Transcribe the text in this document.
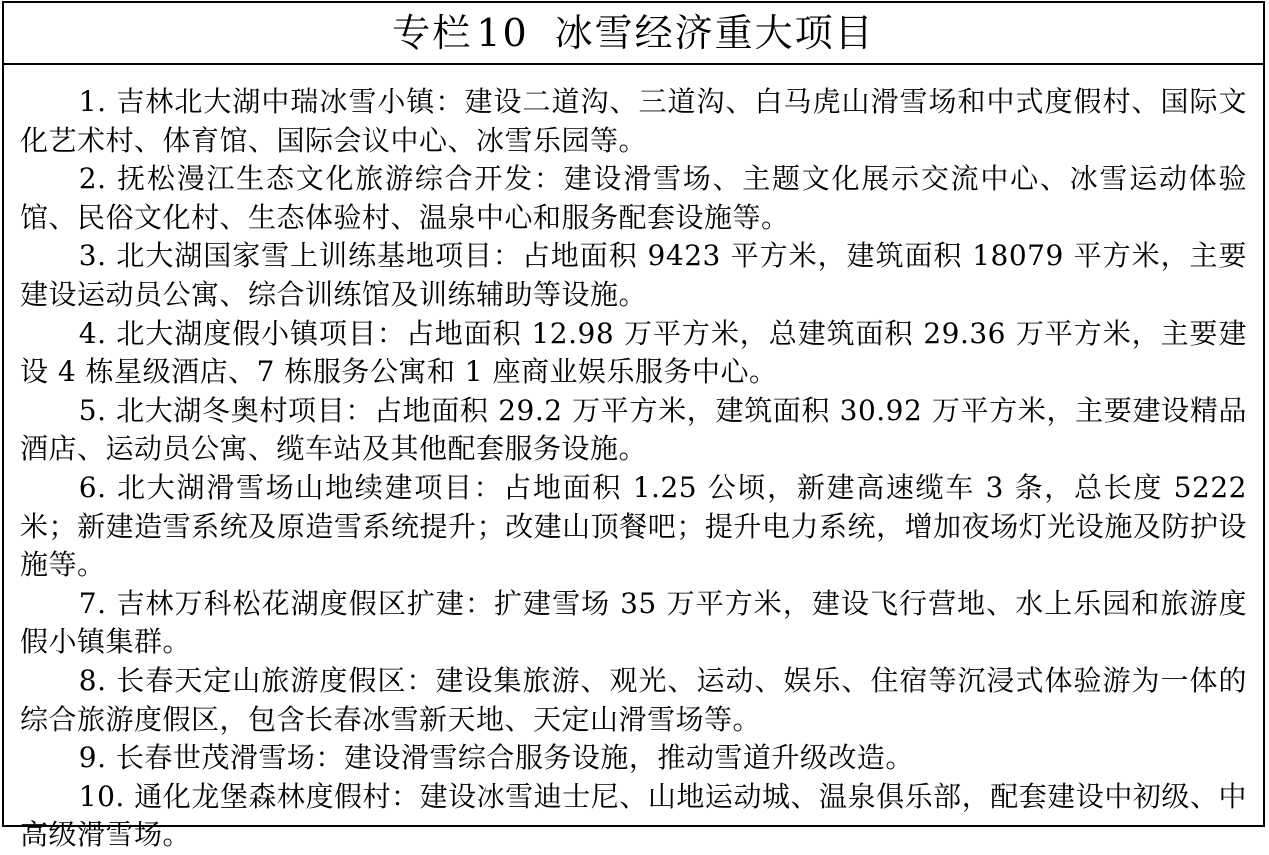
专栏 10 冰雪经济重大项目

1. 吉林北大湖中瑞冰雪小镇：建设二道沟、三道沟、白马虎山滑雪场和中式度假村、国际文化艺术村、体育馆、国际会议中心、冰雪乐园等。

2. 抚松漫江生态文化旅游综合开发：建设滑雪场、主题文化展示交流中心、冰雪运动体验馆、民俗文化村、生态体验村、温泉中心和服务配套设施等。

3. 北大湖国家雪上训练基地项目：占地面积 9423 平方米，建筑面积 18079 平方米，主要建设运动员公寓、综合训练馆及训练辅助等设施。

4. 北大湖度假小镇项目：占地面积 12.98 万平方米，总建筑面积 29.36 万平方米，主要建设 4 栋星级酒店、7 栋服务公寓和 1 座商业娱乐服务中心。

5. 北大湖冬奥村项目：占地面积 29.2 万平方米，建筑面积 30.92 万平方米，主要建设精品酒店、运动员公寓、缆车站及其他配套服务设施。

6. 北大湖滑雪场山地续建项目：占地面积 1.25 公顷，新建高速缆车 3 条，总长度 5222 米；新建造雪系统及原造雪系统提升；改建山顶餐吧；提升电力系统，增加夜场灯光设施及防护设施等。

7. 吉林万科松花湖度假区扩建：扩建雪场 35 万平方米，建设飞行营地、水上乐园和旅游度假小镇集群。

8. 长春天定山旅游度假区：建设集旅游、观光、运动、娱乐、住宿等沉浸式体验游为一体的综合旅游度假区，包含长春冰雪新天地、天定山滑雪场等。

9. 长春世茂滑雪场：建设滑雪综合服务设施，推动雪道升级改造。

10. 通化龙堡森林度假村：建设冰雪迪士尼、山地运动城、温泉俱乐部，配套建设中初级、中高级滑雪场。
